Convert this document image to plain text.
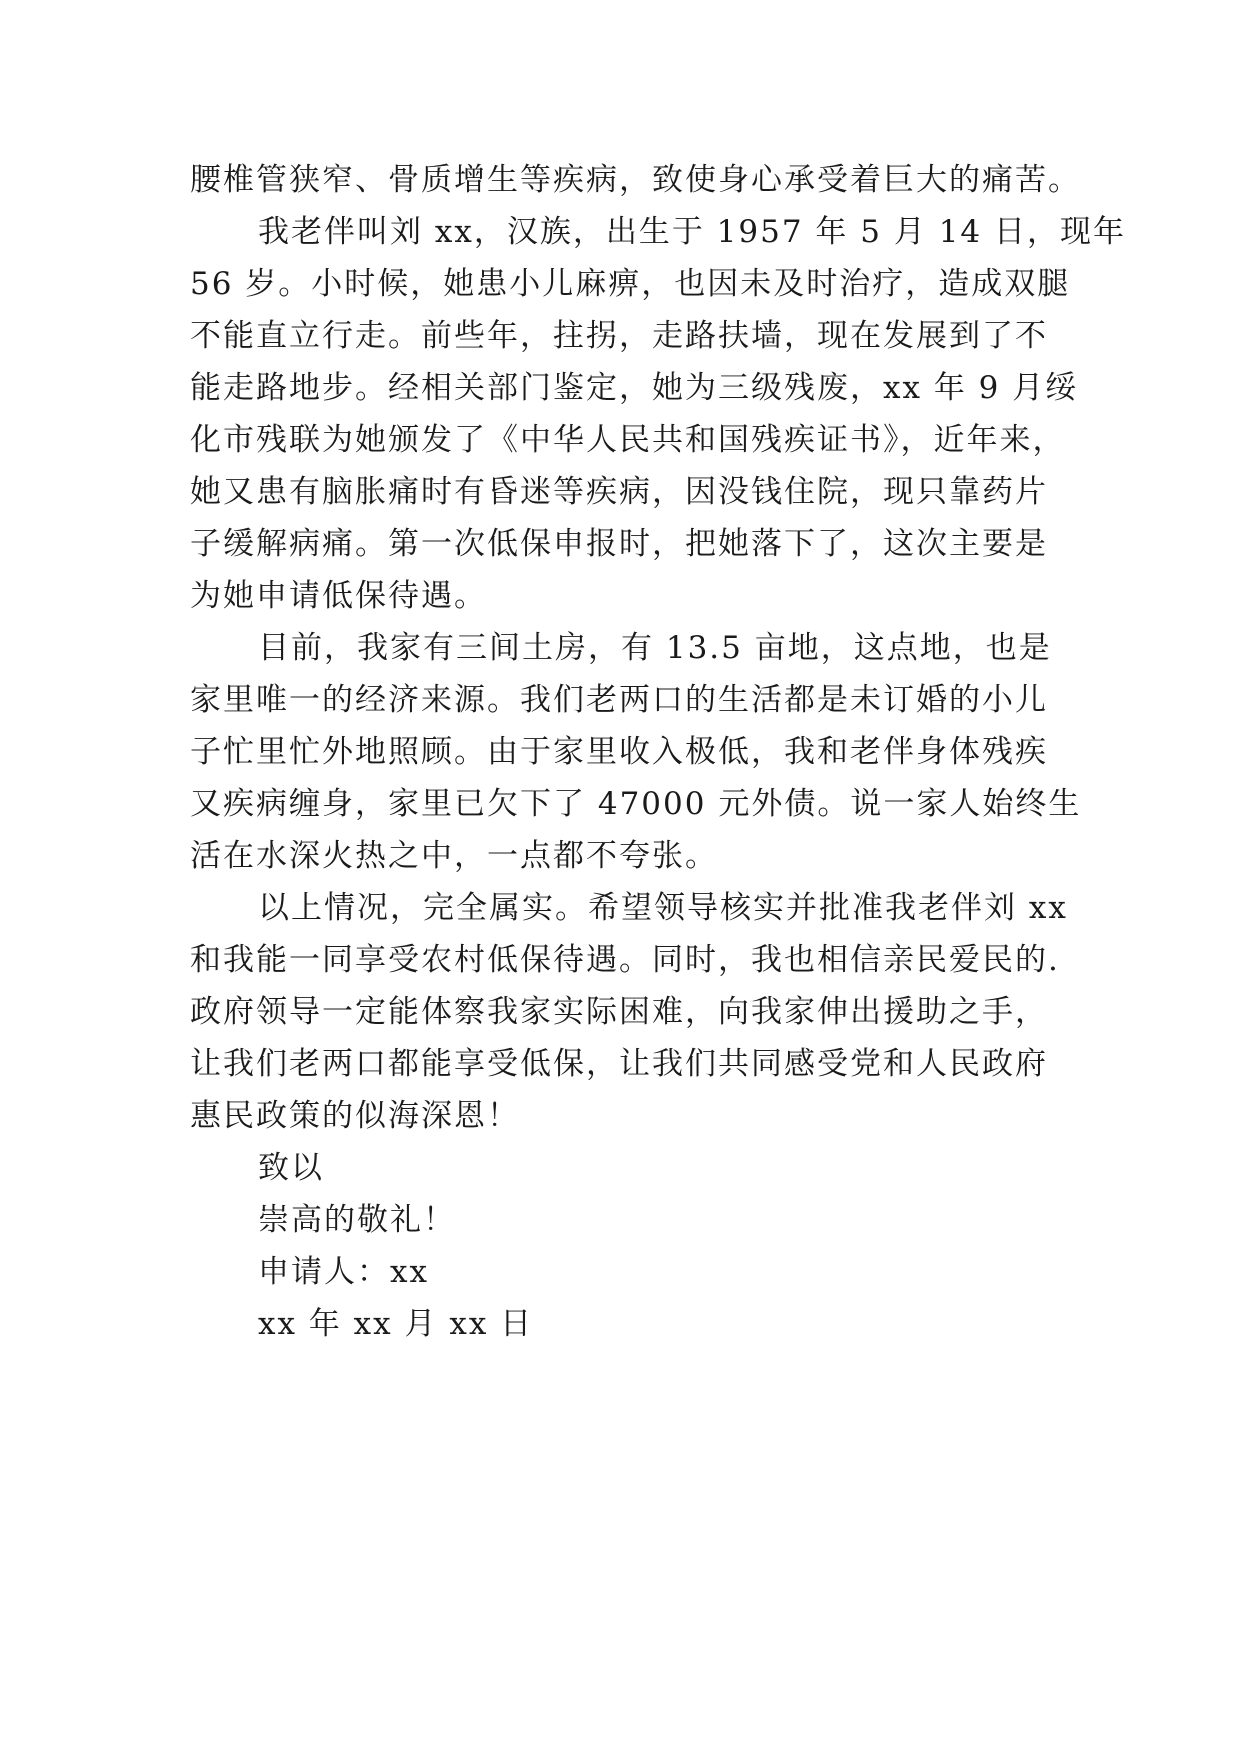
腰椎管狭窄、骨质增生等疾病，致使身心承受着巨大的痛苦。
我老伴叫刘 xx，汉族，出生于 1957 年 5 月 14 日，现年
56 岁。小时候，她患小儿麻痹，也因未及时治疗，造成双腿
不能直立行走。前些年，拄拐，走路扶墙，现在发展到了不
能走路地步。经相关部门鉴定，她为三级残废，xx 年 9 月绥
化市残联为她颁发了《中华人民共和国残疾证书》，近年来，
她又患有脑胀痛时有昏迷等疾病，因没钱住院，现只靠药片
子缓解病痛。第一次低保申报时，把她落下了，这次主要是
为她申请低保待遇。
目前，我家有三间土房，有 13.5 亩地，这点地，也是
家里唯一的经济来源。我们老两口的生活都是未订婚的小儿
子忙里忙外地照顾。由于家里收入极低，我和老伴身体残疾
又疾病缠身，家里已欠下了 47000 元外债。说一家人始终生
活在水深火热之中，一点都不夸张。
以上情况，完全属实。希望领导核实并批准我老伴刘 xx
和我能一同享受农村低保待遇。同时，我也相信亲民爱民的.
政府领导一定能体察我家实际困难，向我家伸出援助之手，
让我们老两口都能享受低保，让我们共同感受党和人民政府
惠民政策的似海深恩！
致以
崇高的敬礼！
申请人：xx
xx 年 xx 月 xx 日
